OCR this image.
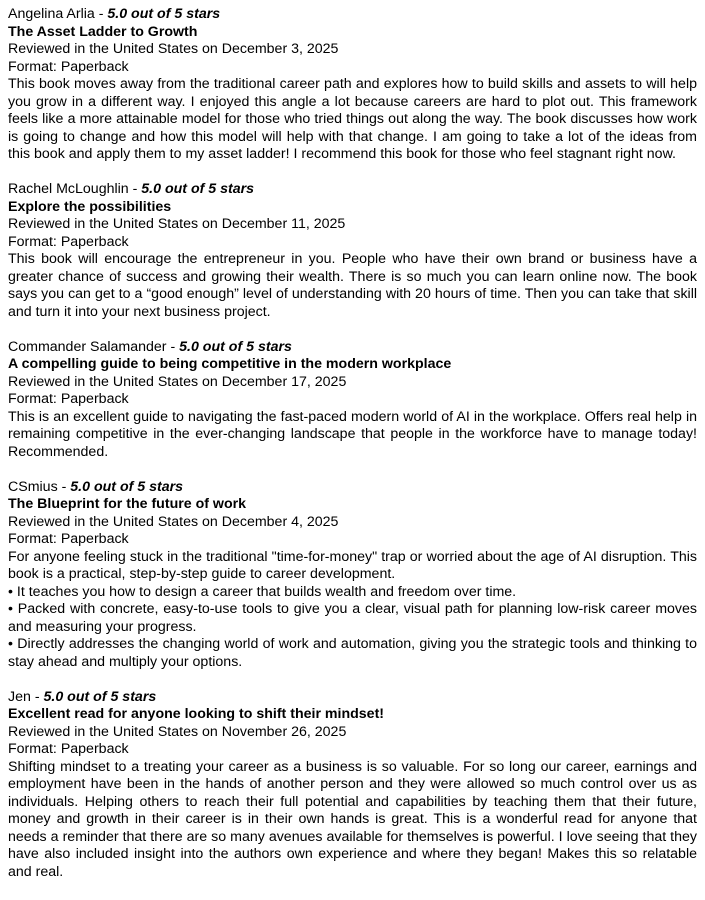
Angelina Arlia - 5.0 out of 5 stars
The Asset Ladder to Growth
Reviewed in the United States on December 3, 2025
Format: Paperback
This book moves away from the traditional career path and explores how to build skills and assets to will help you grow in a different way. I enjoyed this angle a lot because careers are hard to plot out. This framework feels like a more attainable model for those who tried things out along the way. The book discusses how work is going to change and how this model will help with that change. I am going to take a lot of the ideas from this book and apply them to my asset ladder! I recommend this book for those who feel stagnant right now.
Rachel McLoughlin - 5.0 out of 5 stars
Explore the possibilities
Reviewed in the United States on December 11, 2025
Format: Paperback
This book will encourage the entrepreneur in you. People who have their own brand or business have a greater chance of success and growing their wealth. There is so much you can learn online now. The book says you can get to a “good enough” level of understanding with 20 hours of time. Then you can take that skill and turn it into your next business project.
Commander Salamander - 5.0 out of 5 stars
A compelling guide to being competitive in the modern workplace
Reviewed in the United States on December 17, 2025
Format: Paperback
This is an excellent guide to navigating the fast-paced modern world of AI in the workplace. Offers real help in remaining competitive in the ever-changing landscape that people in the workforce have to manage today! Recommended.
CSmius - 5.0 out of 5 stars
The Blueprint for the future of work
Reviewed in the United States on December 4, 2025
Format: Paperback
For anyone feeling stuck in the traditional "time-for-money" trap or worried about the age of AI disruption. This book is a practical, step-by-step guide to career development.
• It teaches you how to design a career that builds wealth and freedom over time.
• Packed with concrete, easy-to-use tools to give you a clear, visual path for planning low-risk career moves and measuring your progress.
• Directly addresses the changing world of work and automation, giving you the strategic tools and thinking to stay ahead and multiply your options.
Jen - 5.0 out of 5 stars
Excellent read for anyone looking to shift their mindset!
Reviewed in the United States on November 26, 2025
Format: Paperback
Shifting mindset to a treating your career as a business is so valuable. For so long our career, earnings and employment have been in the hands of another person and they were allowed so much control over us as individuals. Helping others to reach their full potential and capabilities by teaching them that their future, money and growth in their career is in their own hands is great. This is a wonderful read for anyone that needs a reminder that there are so many avenues available for themselves is powerful. I love seeing that they have also included insight into the authors own experience and where they began! Makes this so relatable and real.
